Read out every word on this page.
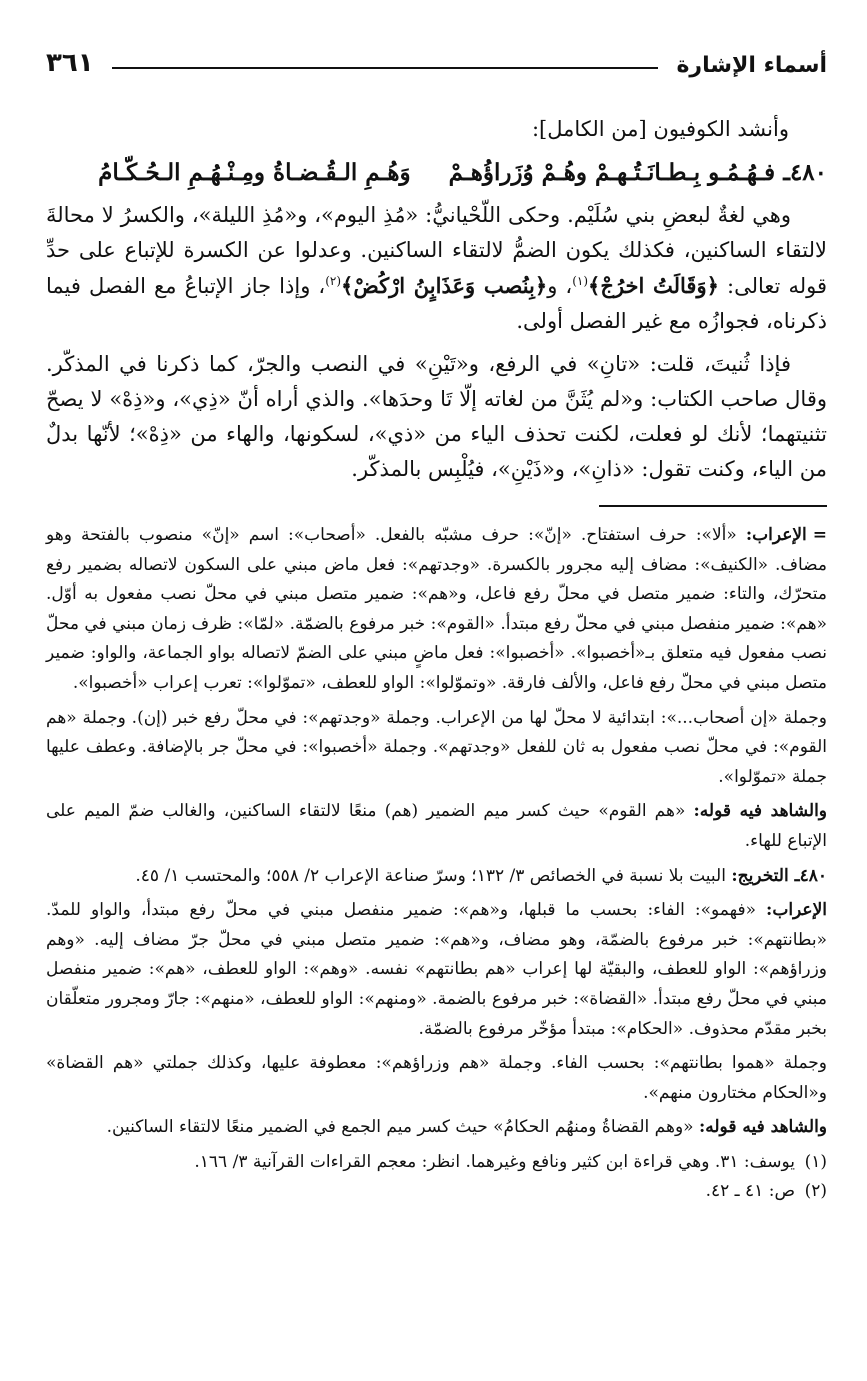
أسماء الإشارة
٣٦١

وأنشد الكوفيون [من الكامل]:

٤٨٠ـ
فـهُـمُـو بِـطـانَـتُـهـمْ وهُـمْ وُزَراؤُهـمْ
وَهُـمِ الـقُـضـاةُ ومِـنْـهُـمِ الـحُـكّـامُ

وهي لغةٌ لبعضِ بني سُلَيْم. وحكى اللّحْيانيُّ: «مُذِ اليوم»، و«مُذِ الليلة»، والكسرُ لا محالةَ لالتقاء الساكنين، فكذلك يكون الضمُّ لالتقاء الساكنين. وعدلوا عن الكسرة للإتباع على حدِّ قوله تعالى: ﴿وَقَالَتُ اخرُجْ﴾$^{(١)}$، و﴿بِنُصب وَعَذَابٍنُ ارْكُضْ﴾$^{(٢)}$، وإذا جاز الإتباعُ مع الفصل فيما ذكرناه، فجوازُه مع غير الفصل أولى.

فإذا ثُنيتَ، قلت: «تانِ» في الرفع، و«تَيْنِ» في النصب والجرّ، كما ذكرنا في المذكّر. وقال صاحب الكتاب: و«لم يُثَنَّ من لغاته إلّا تَا وحدَها». والذي أراه أنّ «ذِي»، و«ذِهْ» لا يصحّ تثنيتهما؛ لأنك لو فعلت، لكنت تحذف الياء من «ذي»، لسكونها، والهاء من «ذِهْ»؛ لأنّها بدلٌ من الياء، وكنت تقول: «ذانِ»، و«ذَيْنِ»، فيُلْبِس بالمذكّر.

=الإعراب: «ألا»: حرف استفتاح. «إنّ»: حرف مشبّه بالفعل. «أصحاب»: اسم «إنّ» منصوب بالفتحة وهو مضاف. «الكنيف»: مضاف إليه مجرور بالكسرة. «وجدتهم»: فعل ماض مبني على السكون لاتصاله بضمير رفع متحرّك، والتاء: ضمير متصل في محلّ رفع فاعل، و«هم»: ضمير متصل مبني في محلّ نصب مفعول به أوّل. «هم»: ضمير منفصل مبني في محلّ رفع مبتدأ. «القوم»: خبر مرفوع بالضمّة. «لمّا»: ظرف زمان مبني في محلّ نصب مفعول فيه متعلق بـ«أخصبوا». «أخصبوا»: فعل ماضٍ مبني على الضمّ لاتصاله بواو الجماعة، والواو: ضمير متصل مبني في محلّ رفع فاعل، والألف فارقة. «وتموّلوا»: الواو للعطف، «تموّلوا»: تعرب إعراب «أخصبوا».

وجملة «إن أصحاب...»: ابتدائية لا محلّ لها من الإعراب. وجملة «وجدتهم»: في محلّ رفع خبر (إن). وجملة «هم القوم»: في محلّ نصب مفعول به ثان للفعل «وجدتهم». وجملة «أخصبوا»: في محلّ جر بالإضافة. وعطف عليها جملة «تموّلوا».

والشاهد فيه قوله: «هم القوم» حيث كسر ميم الضمير (هم) منعًا لالتقاء الساكنين، والغالب ضمّ الميم على الإتباع للهاء.

٤٨٠ـ التخريج: البيت بلا نسبة في الخصائص ٣/ ١٣٢؛ وسرّ صناعة الإعراب ٢/ ٥٥٨؛ والمحتسب ١/ ٤٥.

الإعراب: «فهمو»: الفاء: بحسب ما قبلها، و«هم»: ضمير منفصل مبني في محلّ رفع مبتدأ، والواو للمدّ. «بطانتهم»: خبر مرفوع بالضمّة، وهو مضاف، و«هم»: ضمير متصل مبني في محلّ جرّ مضاف إليه. «وهم وزراؤهم»: الواو للعطف، والبقيّة لها إعراب «هم بطانتهم» نفسه. «وهم»: الواو للعطف، «هم»: ضمير منفصل مبني في محلّ رفع مبتدأ. «القضاة»: خبر مرفوع بالضمة. «ومنهم»: الواو للعطف، «منهم»: جارّ ومجرور متعلّقان بخبر مقدّم محذوف. «الحكام»: مبتدأ مؤخّر مرفوع بالضمّة.

وجملة «هموا بطانتهم»: بحسب الفاء. وجملة «هم وزراؤهم»: معطوفة عليها، وكذلك جملتي «هم القضاة» و«الحكام مختارون منهم».

والشاهد فيه قوله: «وهم القضاةُ ومنهُم الحكامُ» حيث كسر ميم الجمع في الضمير منعًا لالتقاء الساكنين.

(١)
يوسف: ٣١. وهي قراءة ابن كثير ونافع وغيرهما. انظر: معجم القراءات القرآنية ٣/ ١٦٦.
(٢)
ص: ٤١ ـ ٤٢.
